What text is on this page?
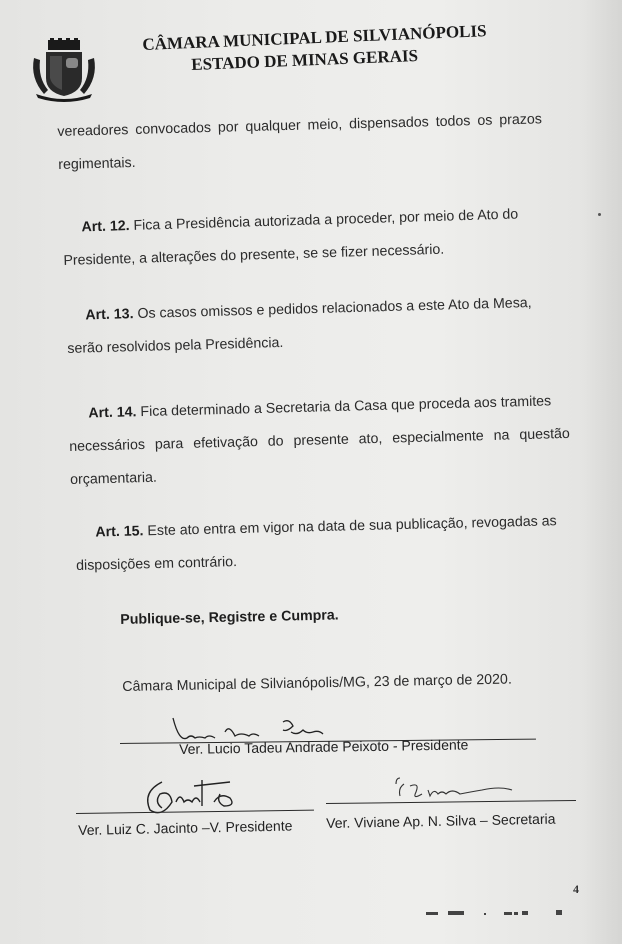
CÂMARA MUNICIPAL DE SILVIANÓPOLIS
ESTADO DE MINAS GERAIS
vereadores convocados por qualquer meio, dispensados todos os prazos
regimentais.
Art. 12. Fica a Presidência autorizada a proceder, por meio de Ato do
Presidente, a alterações do presente, se se fizer necessário.
Art. 13. Os casos omissos e pedidos relacionados a este Ato da Mesa,
serão resolvidos pela Presidência.
Art. 14. Fica determinado a Secretaria da Casa que proceda aos tramites
necessários para efetivação do presente ato, especialmente na questão
orçamentaria.
Art. 15. Este ato entra em vigor na data de sua publicação, revogadas as
disposições em contrário.
Publique-se, Registre e Cumpra.
Câmara Municipal de Silvianópolis/MG, 23 de março de 2020.
Ver. Lucio Tadeu Andrade Peixoto - Presidente
Ver. Luiz C. Jacinto –V. Presidente Ver. Viviane Ap. N. Silva – Secretaria
4
